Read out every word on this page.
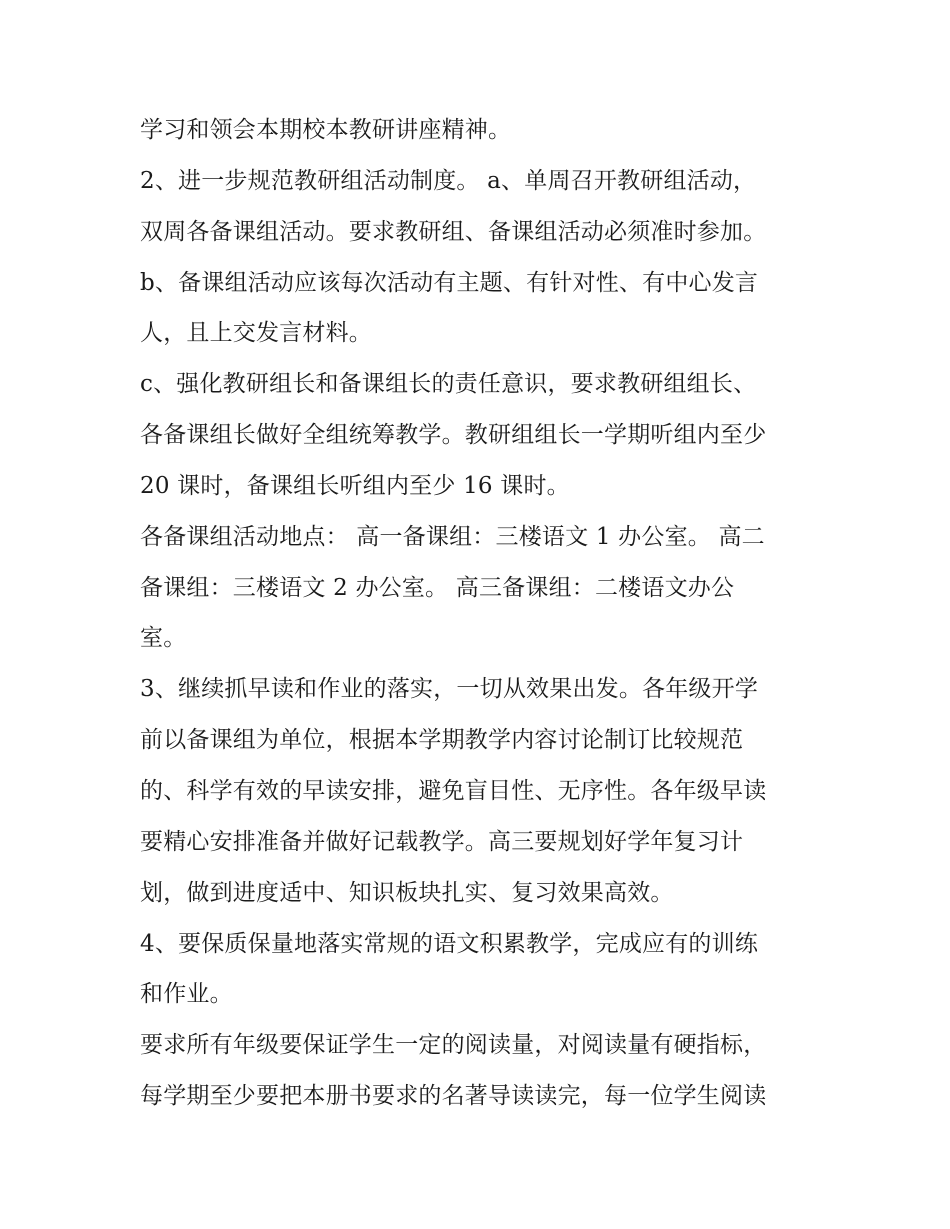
学习和领会本期校本教研讲座精神。
2、进一步规范教研组活动制度。 a、单周召开教研组活动，
双周各备课组活动。要求教研组、备课组活动必须准时参加。
b、备课组活动应该每次活动有主题、有针对性、有中心发言
人，且上交发言材料。
c、强化教研组长和备课组长的责任意识，要求教研组组长、
各备课组长做好全组统筹教学。教研组组长一学期听组内至少
20 课时，备课组长听组内至少 16 课时。
各备课组活动地点： 高一备课组：三楼语文 1 办公室。 高二
备课组：三楼语文 2 办公室。 高三备课组：二楼语文办公
室。
3、继续抓早读和作业的落实，一切从效果出发。各年级开学
前以备课组为单位，根据本学期教学内容讨论制订比较规范
的、科学有效的早读安排，避免盲目性、无序性。各年级早读
要精心安排准备并做好记载教学。高三要规划好学年复习计
划，做到进度适中、知识板块扎实、复习效果高效。
4、要保质保量地落实常规的语文积累教学，完成应有的训练
和作业。
要求所有年级要保证学生一定的阅读量，对阅读量有硬指标，
每学期至少要把本册书要求的名著导读读完，每一位学生阅读
